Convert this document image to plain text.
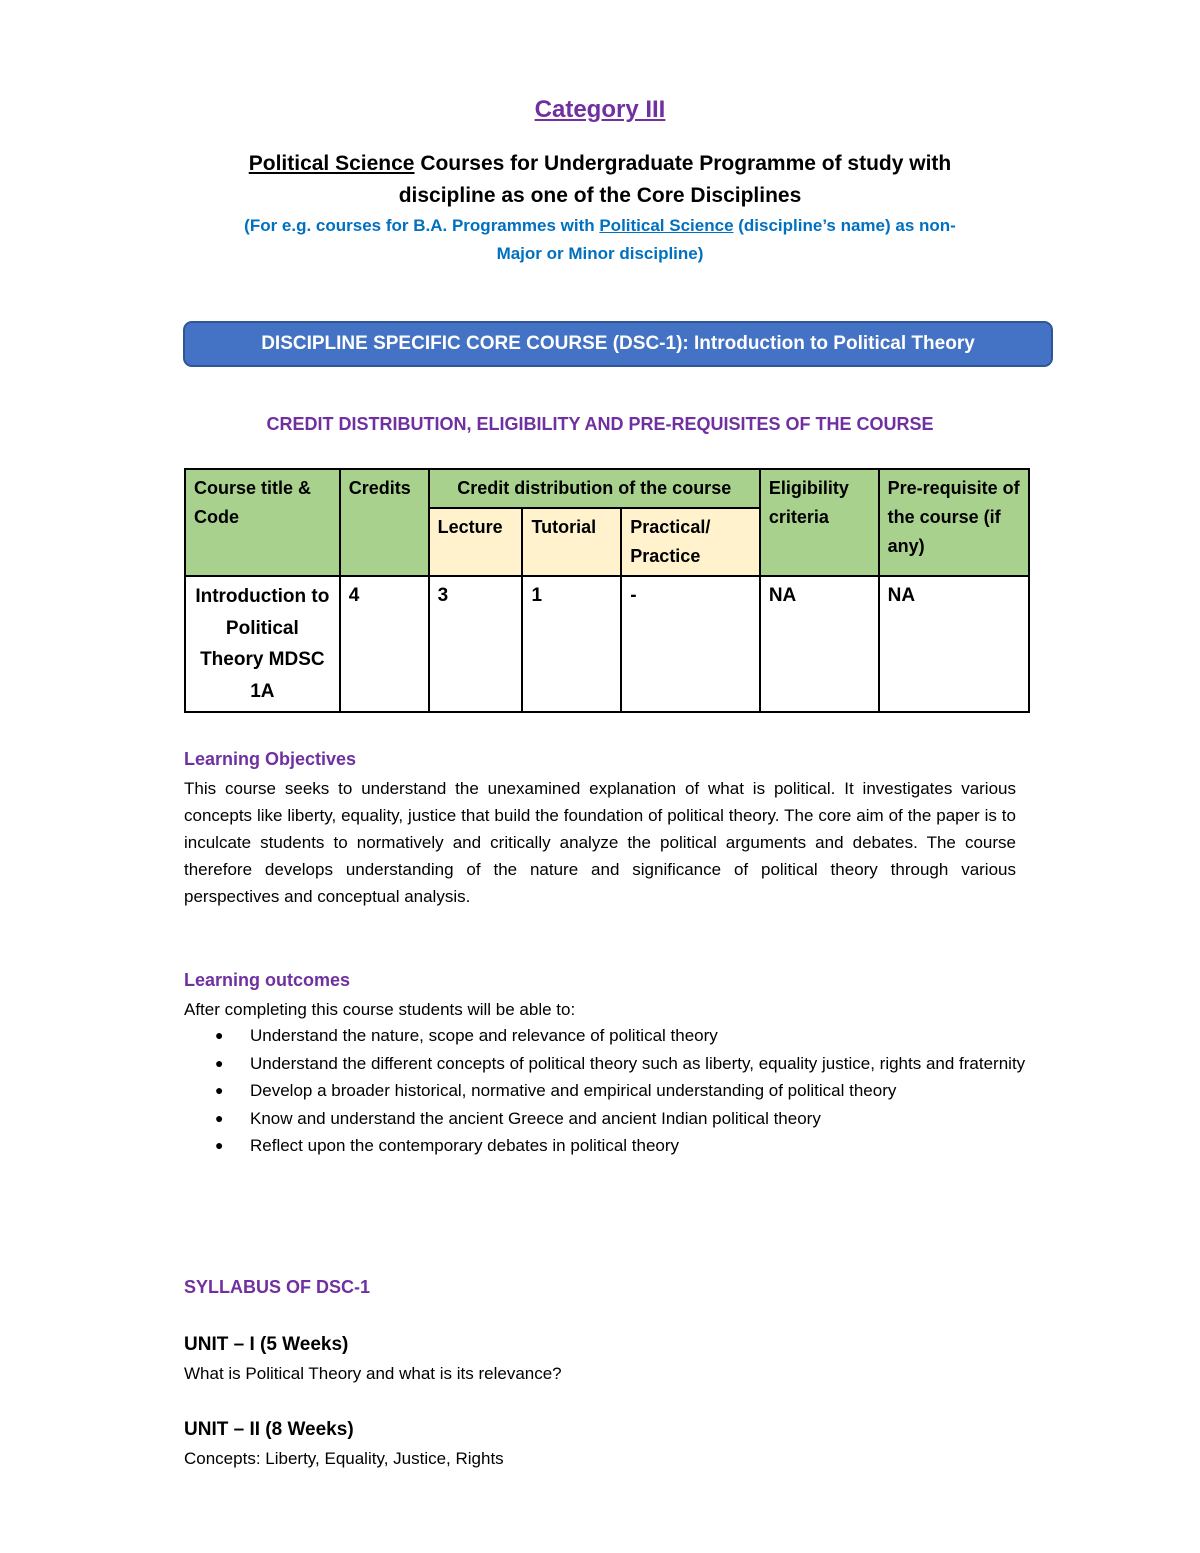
Category III
Political Science Courses for Undergraduate Programme of study with
discipline as one of the Core Disciplines
(For e.g. courses for B.A. Programmes with Political Science (discipline’s name) as non-
Major or Minor discipline)
DISCIPLINE SPECIFIC CORE COURSE (DSC-1): Introduction to Political Theory
CREDIT DISTRIBUTION, ELIGIBILITY AND PRE-REQUISITES OF THE COURSE
Course title & Code	Credits	Credit distribution of the course			Eligibility criteria	Pre-requisite of the course (if any)
		Lecture	Tutorial	Practical/ Practice		
Introduction to Political Theory MDSC 1A	4	3	1	-	NA	NA
Learning Objectives
This course seeks to understand the unexamined explanation of what is political. It investigates various concepts like liberty, equality, justice that build the foundation of political theory. The core aim of the paper is to inculcate students to normatively and critically analyze the political arguments and debates. The course therefore develops understanding of the nature and significance of political theory through various perspectives and conceptual analysis.
Learning outcomes
After completing this course students will be able to:
● Understand the nature, scope and relevance of political theory
● Understand the different concepts of political theory such as liberty, equality justice, rights and fraternity
● Develop a broader historical, normative and empirical understanding of political theory
● Know and understand the ancient Greece and ancient Indian political theory
● Reflect upon the contemporary debates in political theory
SYLLABUS OF DSC-1
UNIT – I (5 Weeks)
What is Political Theory and what is its relevance?
UNIT – II (8 Weeks)
Concepts: Liberty, Equality, Justice, Rights
